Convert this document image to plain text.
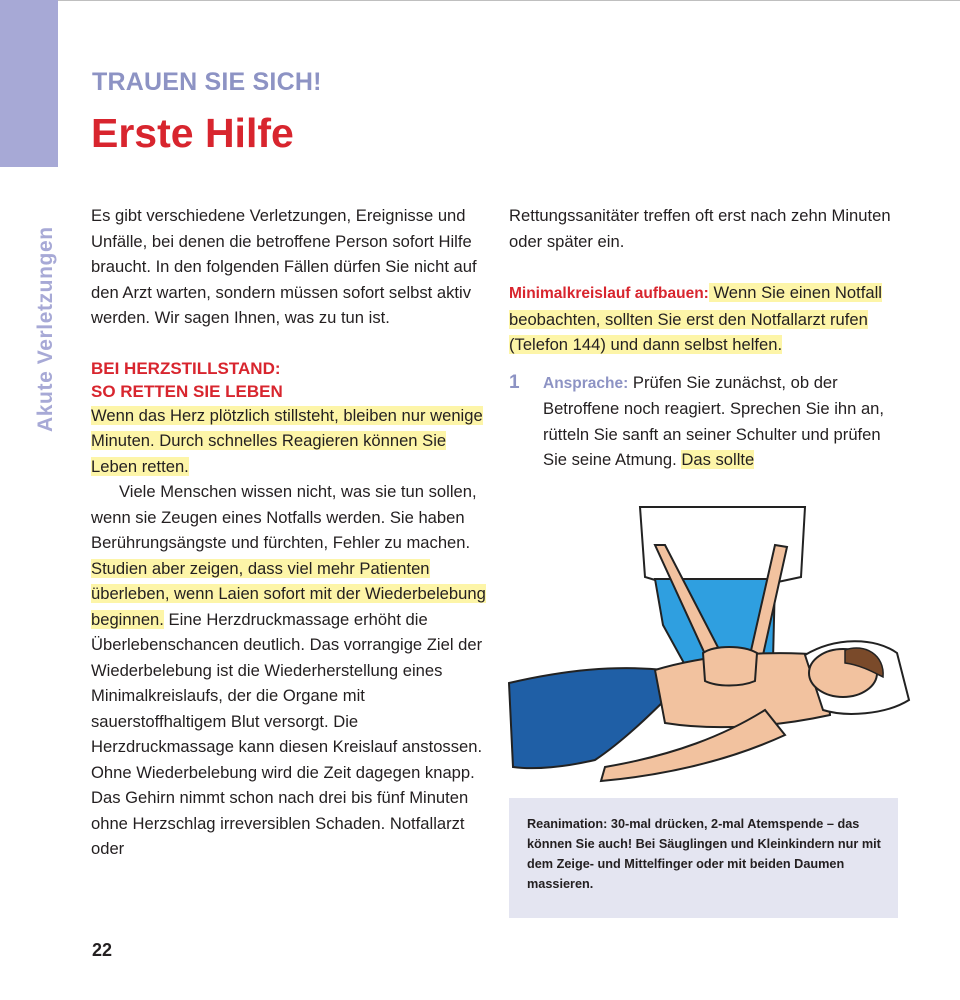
Akute Verletzungen
TRAUEN SIE SICH!
Erste Hilfe

Es gibt verschiedene Verletzungen, Ereignisse und Unfälle, bei denen die betroffene Person sofort Hilfe braucht. In den folgenden Fällen dürfen Sie nicht auf den Arzt warten, sondern müssen sofort selbst aktiv werden. Wir sagen Ihnen, was zu tun ist.

BEI HERZSTILLSTAND:
SO RETTEN SIE LEBEN

Wenn das Herz plötzlich stillsteht, bleiben nur wenige Minuten. Durch schnelles Reagieren können Sie Leben retten.

Viele Menschen wissen nicht, was sie tun sollen, wenn sie Zeugen eines Notfalls werden. Sie haben Berührungsängste und fürchten, Fehler zu machen. Studien aber zeigen, dass viel mehr Patienten überleben, wenn Laien sofort mit der Wiederbelebung beginnen. Eine Herzdruckmassage erhöht die Überlebenschancen deutlich. Das vorrangige Ziel der Wiederbelebung ist die Wiederherstellung eines Minimalkreislaufs, der die Organe mit sauerstoffhaltigem Blut versorgt. Die Herzdruckmassage kann diesen Kreislauf anstossen. Ohne Wiederbelebung wird die Zeit dagegen knapp. Das Gehirn nimmt schon nach drei bis fünf Minuten ohne Herzschlag irreversiblen Schaden. Notfallarzt oder

Rettungssanitäter treffen oft erst nach zehn Minuten oder später ein.

Minimalkreislauf aufbauen: Wenn Sie einen Notfall beobachten, sollten Sie erst den Notfallarzt rufen (Telefon 144) und dann selbst helfen.

1 Ansprache: Prüfen Sie zunächst, ob der Betroffene noch reagiert. Sprechen Sie ihn an, rütteln Sie sanft an seiner Schulter und prüfen Sie seine Atmung. Das sollte
Reanimation: 30-mal drücken, 2-mal Atemspende – das können Sie auch! Bei Säuglingen und Kleinkindern nur mit dem Zeige- und Mittelfinger oder mit beiden Daumen massieren.
22
